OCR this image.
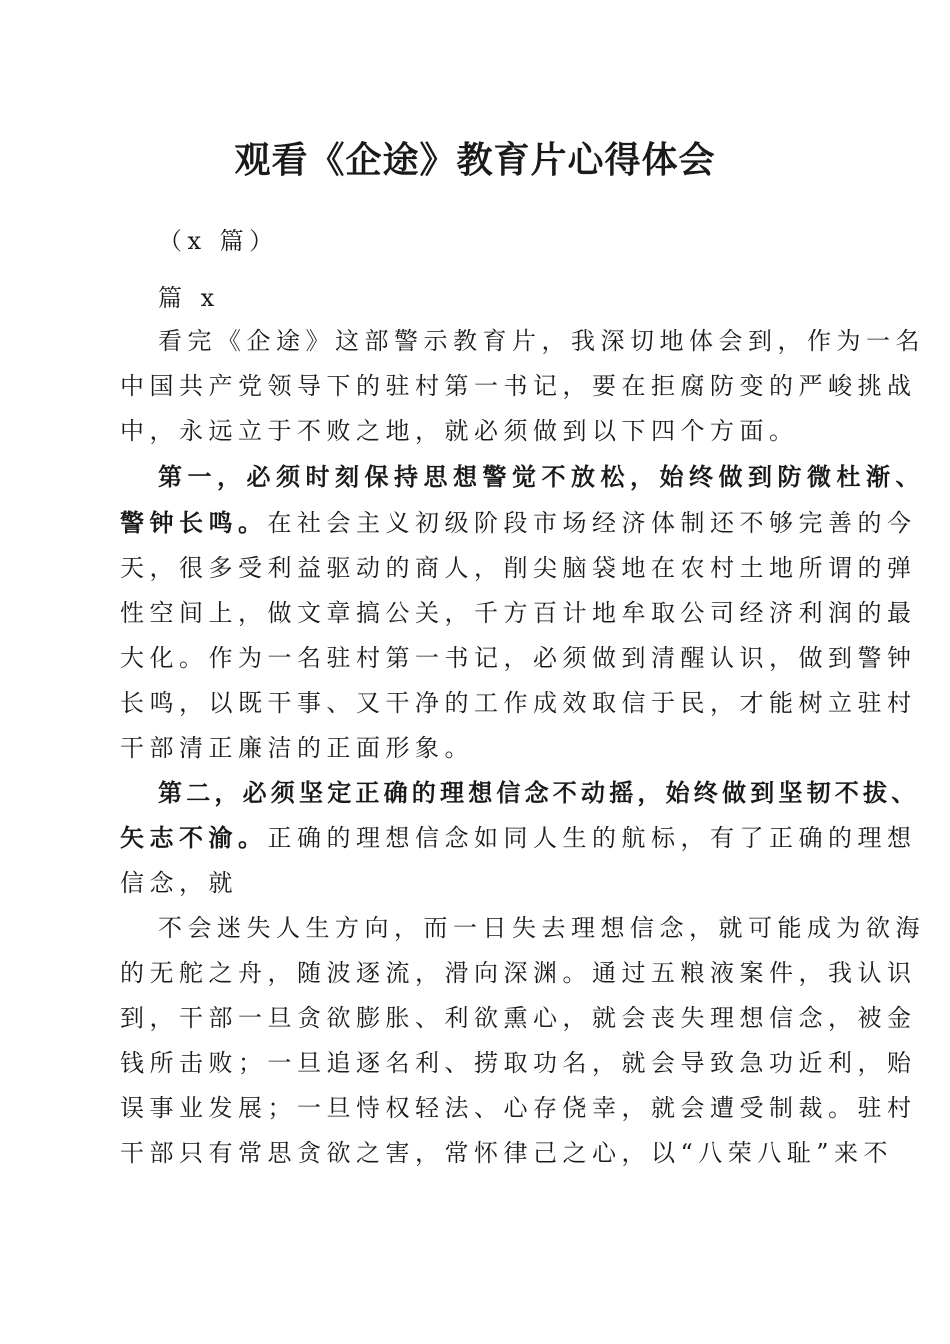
观看《企途》教育片心得体会
（x 篇）
篇 x
看完《企途》这部警示教育片，我深切地体会到，作为一名
中国共产党领导下的驻村第一书记，要在拒腐防变的严峻挑战
中，永远立于不败之地，就必须做到以下四个方面。
第一，必须时刻保持思想警觉不放松，始终做到防微杜渐、
警钟长鸣。在社会主义初级阶段市场经济体制还不够完善的今
天，很多受利益驱动的商人，削尖脑袋地在农村土地所谓的弹
性空间上，做文章搞公关，千方百计地牟取公司经济利润的最
大化。作为一名驻村第一书记，必须做到清醒认识，做到警钟
长鸣，以既干事、又干净的工作成效取信于民，才能树立驻村
干部清正廉洁的正面形象。
第二，必须坚定正确的理想信念不动摇，始终做到坚韧不拔、
矢志不渝。正确的理想信念如同人生的航标，有了正确的理想
信念，就
不会迷失人生方向，而一日失去理想信念，就可能成为欲海
的无舵之舟，随波逐流，滑向深渊。通过五粮液案件，我认识
到，干部一旦贪欲膨胀、利欲熏心，就会丧失理想信念，被金
钱所击败；一旦追逐名利、捞取功名，就会导致急功近利，贻
误事业发展；一旦恃权轻法、心存侥幸，就会遭受制裁。驻村
干部只有常思贪欲之害，常怀律己之心，以“八荣八耻”来不
